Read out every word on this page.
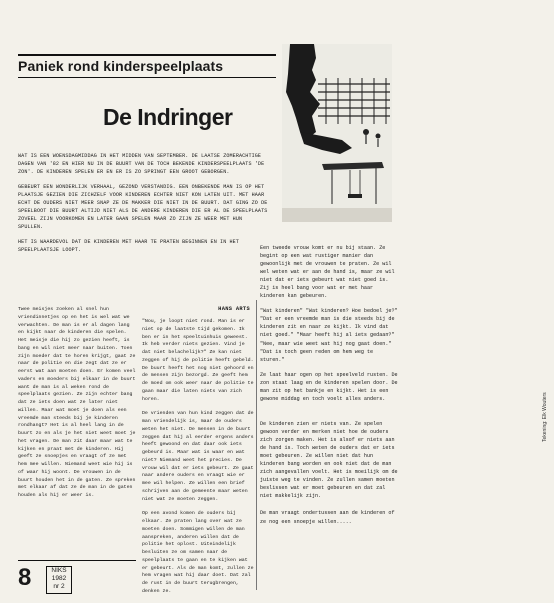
Paniek rond kinderspeelplaats
De Indringer
Tekening: Elk Wouters

WAT IS EEN WOENSDAGMIDDAG IN HET MIDDEN VAN SEPTEMBER. DE LAATSE ZOMERACHTIGE DAGEN VAN '82 EN HIER NU IN DE BUURT VAN DE TOCH BEKENDE KINDERSPEELPLAATS 'DE ZON'. DE KINDEREN SPELEN ER EN ER IS ZO SPRINGT EEN GROOT GEBORGEN.

GEBEURT EEN WONDERLIJK VERHAAL, GEZOND VERSTANDIG. EEN ONBEKENDE MAN IS OP HET PLAATSJE GEZIEN DIE ZICHZELF VOOR KINDEREN ECHTER NIET KON LATEN UIT. MET HAAR ECHT DE OUDERS NIET MEER SNAP ZE DE MAKKER DIE NIET IN DE BUURT. DAT GING ZO DE SPEELBOOT DIE BUURT ALTIJD NIET ALS DE ANDERE KINDEREN DIE ER AL DE SPEELPLAATS ZOVEEL ZIJN VOORKOMEN EN LATER GAAN SPELEN MAAR ZO ZIJN ZE WEER MET HUN SPULLEN.

HET IS WAARDEVOL DAT DE KINDEREN MET HAAR TE PRATEN BEGINNEN EN IN HET SPEELPLAATSJE LOOPT.	Een tweede vrouw komt er nu bij staan. Ze begint op een wat rustiger manier dan gewoonlijk met de vrouwen te praten. Ze wil wel weten wat er aan de hand is, maar ze wil niet dat er iets gebeurt wat niet goed is. Zij is heel bang voor wat er met haar kinderen kan gebeuren.

"Wat kinderen" "Wat kinderen? Hoe bedoel je?" "Dat er een vreemde man is die steeds bij de kinderen zit en naar ze kijkt. Ik vind dat niet goed." "Maar heeft hij al iets gedaan?" "Nee, maar wie weet wat hij nog gaat doen." "Dat is toch geen reden om hem weg te sturen."

Ze laat haar ogen op het speelveld rusten. De zon staat laag en de kinderen spelen door. De man zit op het bankje en kijkt. Het is een gewone middag en toch voelt alles anders.

Twee meisjes zoeken al snel hun vriendinnetjes op en het is wel wat we verwachten. De man is er al dagen lang en kijkt naar de kinderen die spelen. Het meisje die hij zo gezien heeft, is bang en wil niet meer naar buiten. Toen zijn moeder dat te horen krijgt, gaat ze naar de politie en die zegt dat ze er eerst wat aan moeten doen. Er komen veel vaders en moeders bij elkaar in de buurt want de man is al weken rond de speelplaats gezien. Ze zijn echter bang dat ze iets doen wat ze later niet willen. Maar wat moet je doen als een vreemde man steeds bij je kinderen rondhangt? Het is al heel lang in de buurt zo en als je het niet weet moet je het vragen. De man zit daar maar wat te kijken en praat met de kinderen. Hij geeft ze snoepjes en vraagt of ze met hem mee willen. Niemand weet wie hij is of waar hij woont. De vrouwen in de buurt houden het in de gaten. Ze spreken met elkaar af dat ze de man in de gaten houden als hij er weer is.

HANS ARTS

"Nou, je loopt niet rond. Man is er niet op de laatste tijd gekomen. Ik ben er in het speeltuinhuis geweest. Ik heb verder niets gezien. Vind je dat niet belachelijk?" Ze kan niet zeggen of hij de politie heeft gebeld. De buurt heeft het nog niet gehoord en de mensen zijn bezorgd. Ze geeft hem de moed om ook weer naar de politie te gaan maar die laten niets van zich horen.

De vrienden van hun kind zeggen dat de man vriendelijk is, maar de ouders weten het niet. De mensen in de buurt zeggen dat hij al eerder ergens anders heeft gewoond en dat daar ook iets gebeurd is. Maar wat is waar en wat niet? Niemand weet het precies. De vrouw wil dat er iets gebeurt. Ze gaat naar andere ouders en vraagt wie er mee wil helpen. Ze willen een brief schrijven aan de gemeente maar weten niet wat ze moeten zeggen.

Op een avond komen de ouders bij elkaar. Ze praten lang over wat ze moeten doen. Sommigen willen de man aanspreken, anderen willen dat de politie het oplost. Uiteindelijk besluiten ze om samen naar de speelplaats te gaan en te kijken wat er gebeurt. Als de man komt, zullen ze hem vragen wat hij daar doet. Dat zal de rust in de buurt terugbrengen, denken ze.

De kinderen zien er niets van. Ze spelen gewoon verder en merken niet hoe de ouders zich zorgen maken. Het is alsof er niets aan de hand is. Toch weten de ouders dat er iets moet gebeuren. Ze willen niet dat hun kinderen bang worden en ook niet dat de man zich aangevallen voelt. Het is moeilijk om de juiste weg te vinden. Ze zullen samen moeten beslissen wat er moet gebeuren en dat zal niet makkelijk zijn.

De man vraagt ondertussen aan de kinderen of ze nog een snoepje willen.....

8	NIKS
1982
nr 2
